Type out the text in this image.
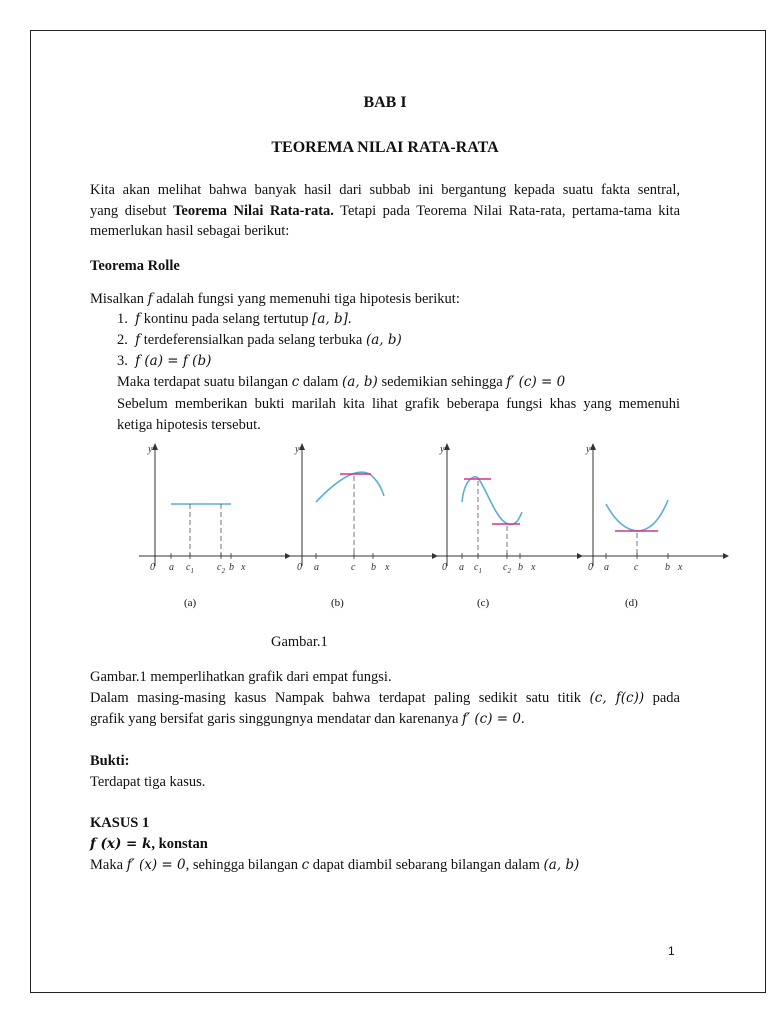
BAB I
TEOREMA NILAI RATA-RATA
Kita akan melihat bahwa banyak hasil dari subbab ini bergantung kepada suatu fakta sentral,
yang disebut Teorema Nilai Rata-rata. Tetapi pada Teorema Nilai Rata-rata, pertama-tama kita
memerlukan hasil sebagai berikut:
Teorema Rolle
Misalkan f adalah fungsi yang memenuhi tiga hipotesis berikut:
1. f kontinu pada selang tertutup [a, b].
2. f terdeferensialkan pada selang terbuka (a, b)
3. f (a) = f (b)
Maka terdapat suatu bilangan c dalam (a, b) sedemikian sehingga f′ (c) = 0
Sebelum memberikan bukti marilah kita lihat grafik beberapa fungsi khas yang memenuhi
ketiga hipotesis tersebut.
y
0 a $c_1$ $c_2$ b x
y
0 a	c b x
y
0 a $c_1$ $c_2$ b x
y
0 a	c	b x
(a)	(b)	(c)	(d)
Gambar.1
Gambar.1 memperlihatkan grafik dari empat fungsi.
Dalam masing-masing kasus Nampak bahwa terdapat paling sedikit satu titik (c, f(c)) pada
grafik yang bersifat garis singgungnya mendatar dan karenanya f′ (c) = 0.
Bukti:
Terdapat tiga kasus.
KASUS 1
f (x) = k, konstan
Maka f′ (x) = 0, sehingga bilangan c dapat diambil sebarang bilangan dalam (a, b)
1
